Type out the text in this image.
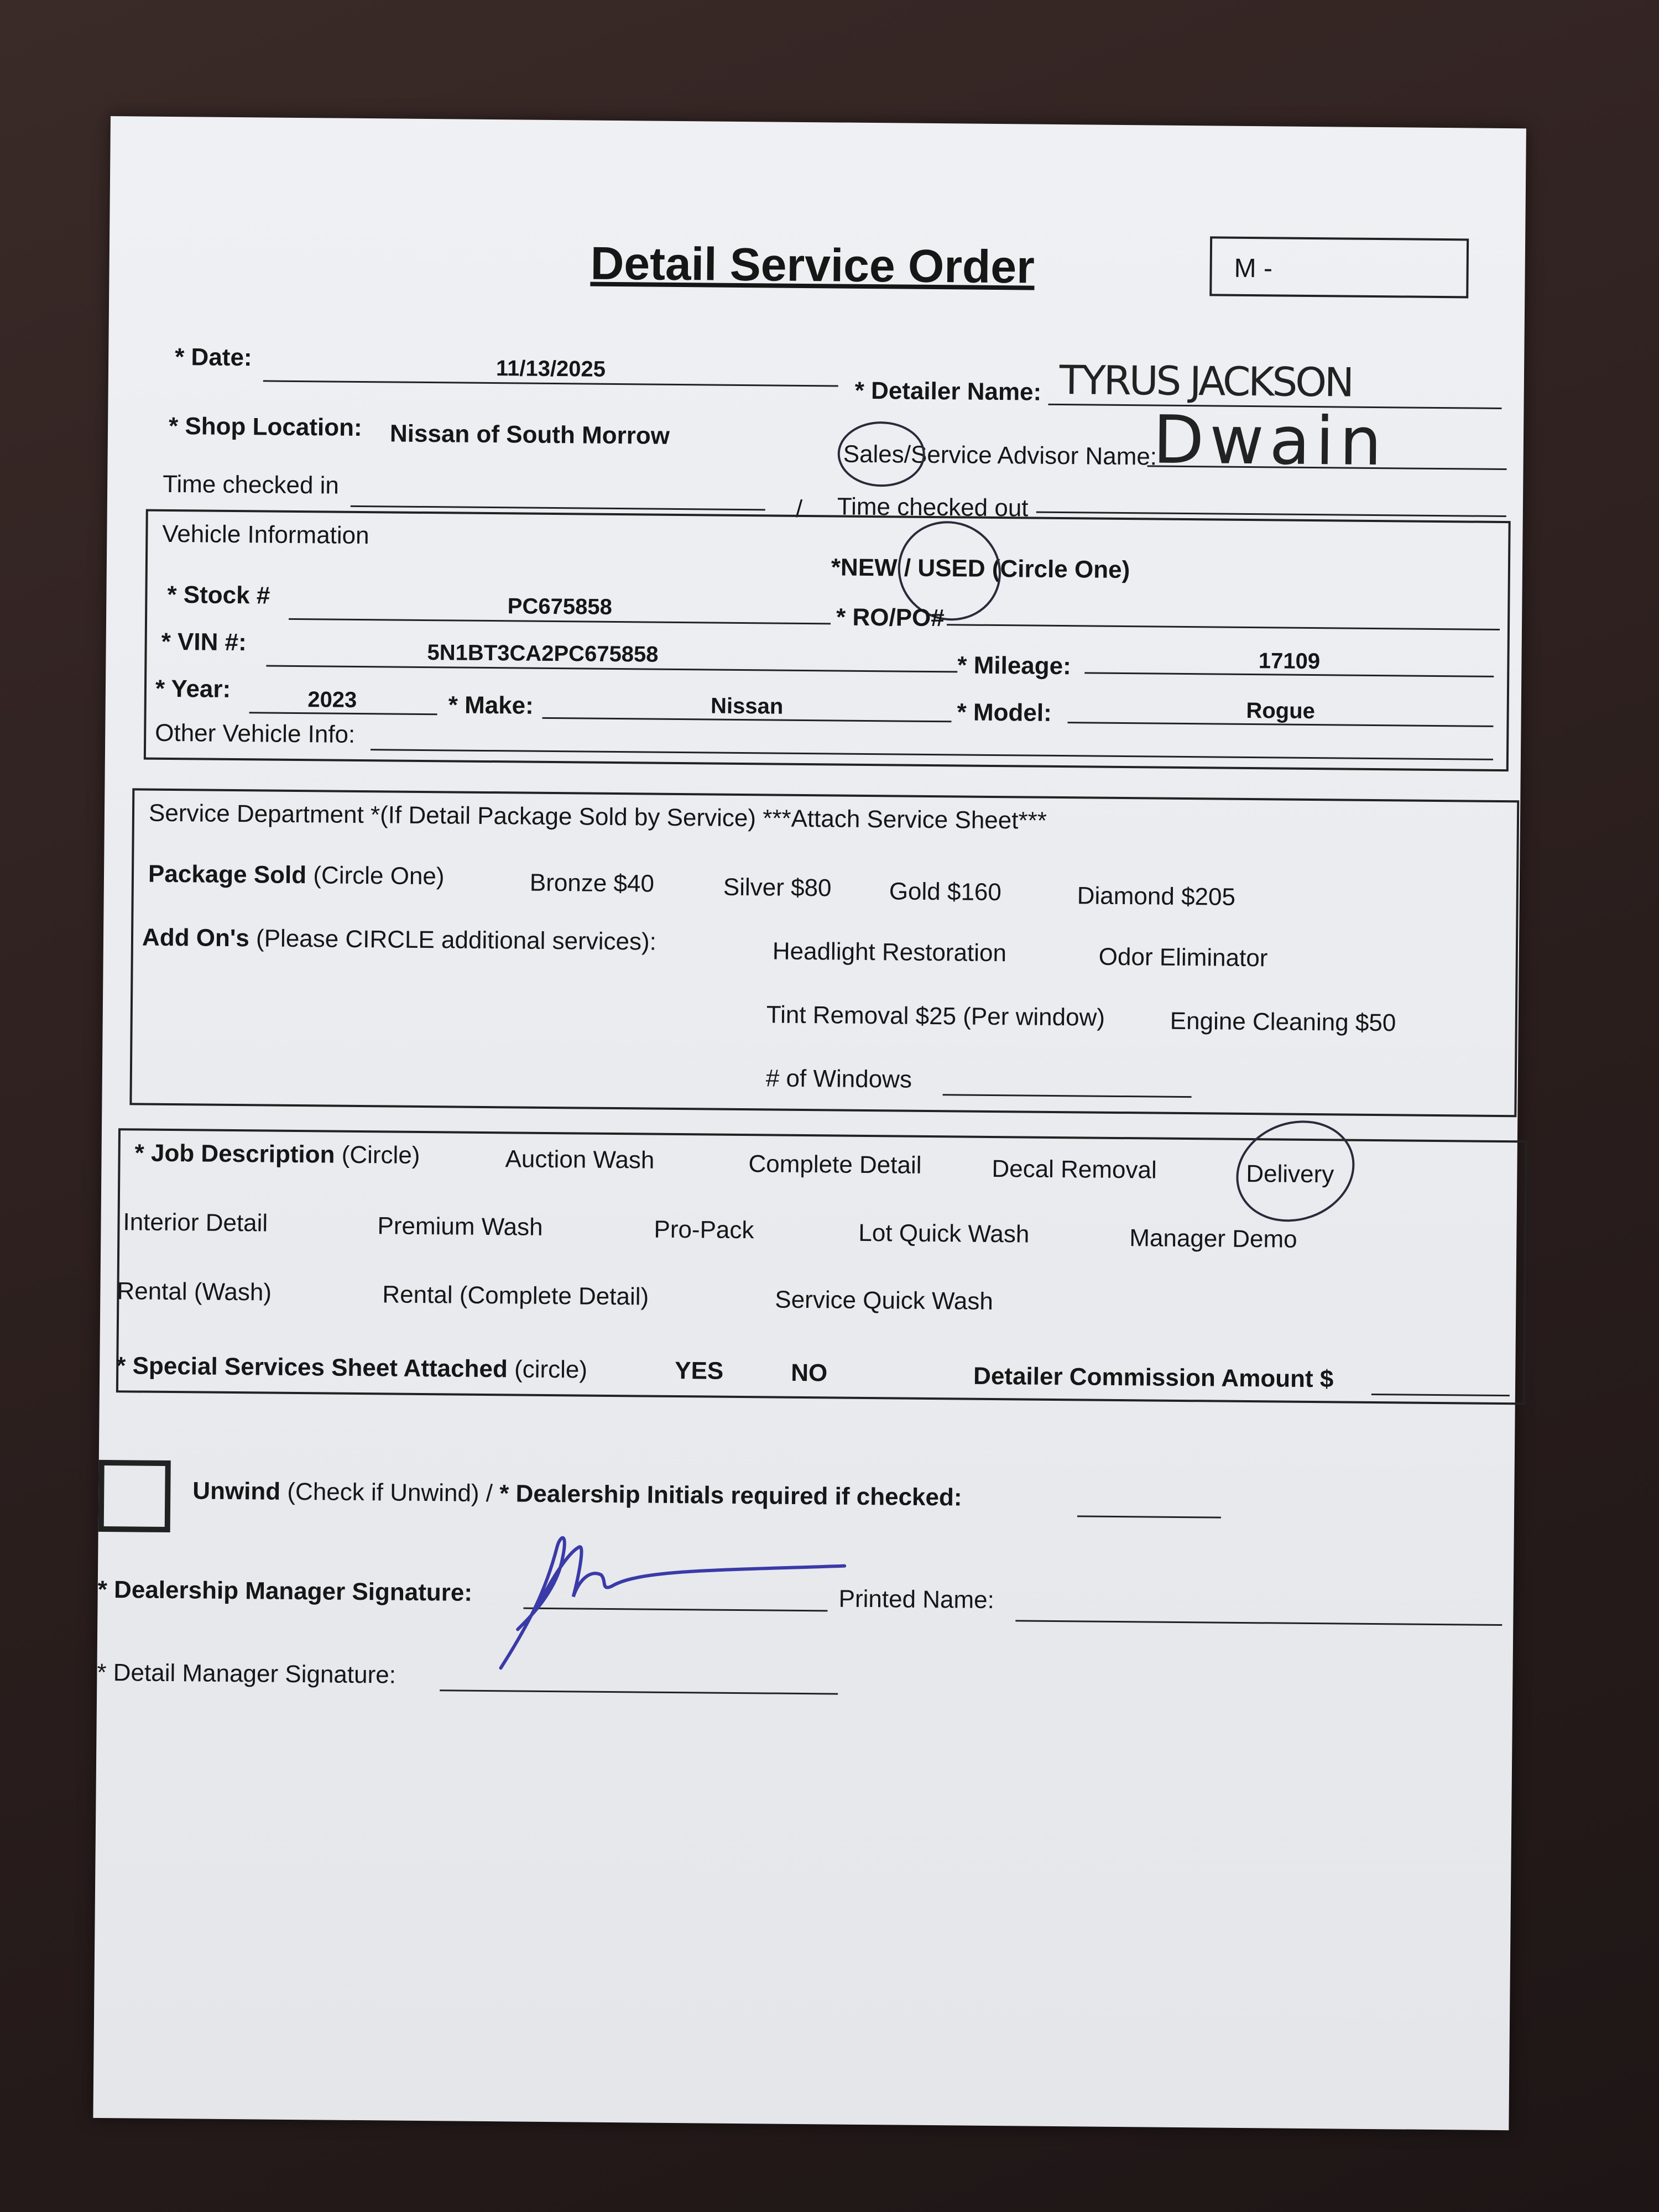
Detail Service Order	M -
* Date:	11/13/2025
* Detailer Name: TYRUS JACKSON
* Shop Location: Nissan of South Morrow
Sales/Service Advisor Name:
Dwain
Time checked in
/ Time checked out
Vehicle Information
*NEW / USED (Circle One)
* Stock #	PC675858	* RO/PO#
* VIN #:	5N1BT3CA2PC675858	* Mileage:	17109
* Year:	2023	* Make:	Nissan	* Model:	Rogue
Other Vehicle Info:
Service Department *(If Detail Package Sold by Service) ***Attach Service Sheet***
Package Sold (Circle One)	Bronze $40	Silver $80 Gold $160	Diamond $205
Add On's (Please CIRCLE additional services):	Headlight Restoration	Odor Eliminator
Tint Removal $25 (Per window)	Engine Cleaning $50
# of Windows
* Job Description (Circle)	Auction Wash	Complete Detail	Decal Removal	Delivery
Interior Detail	Premium Wash	Pro-Pack	Lot Quick Wash	Manager Demo
Rental (Wash)	Rental (Complete Detail)	Service Quick Wash
* Special Services Sheet Attached (circle)	YES	NO	Detailer Commission Amount $
Unwind (Check if Unwind) / * Dealership Initials required if checked:
* Dealership Manager Signature:	Printed Name:
* Detail Manager Signature:
